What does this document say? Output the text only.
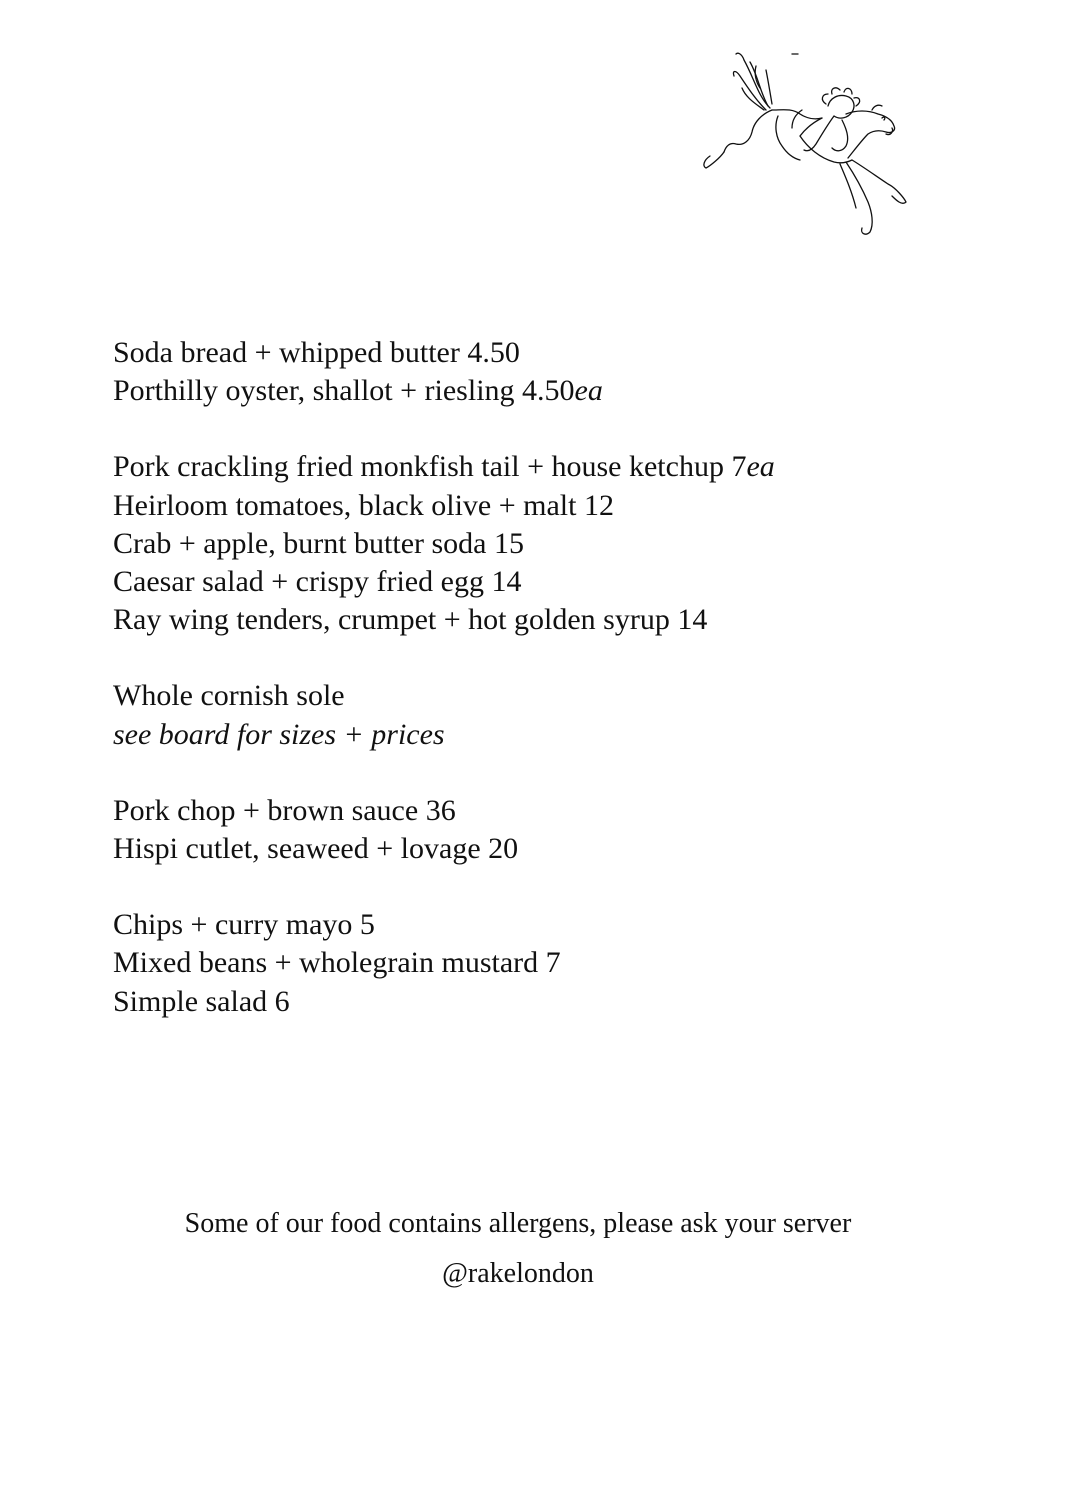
Soda bread + whipped butter 4.50
Porthilly oyster, shallot + riesling 4.50ea
Pork crackling fried monkfish tail + house ketchup 7ea
Heirloom tomatoes, black olive + malt 12
Crab + apple, burnt butter soda 15
Caesar salad + crispy fried egg 14
Ray wing tenders, crumpet + hot golden syrup 14
Whole cornish sole
see board for sizes + prices
Pork chop + brown sauce 36
Hispi cutlet, seaweed + lovage 20
Chips + curry mayo 5
Mixed beans + wholegrain mustard 7
Simple salad 6
Some of our food contains allergens, please ask your server
@rakelondon
